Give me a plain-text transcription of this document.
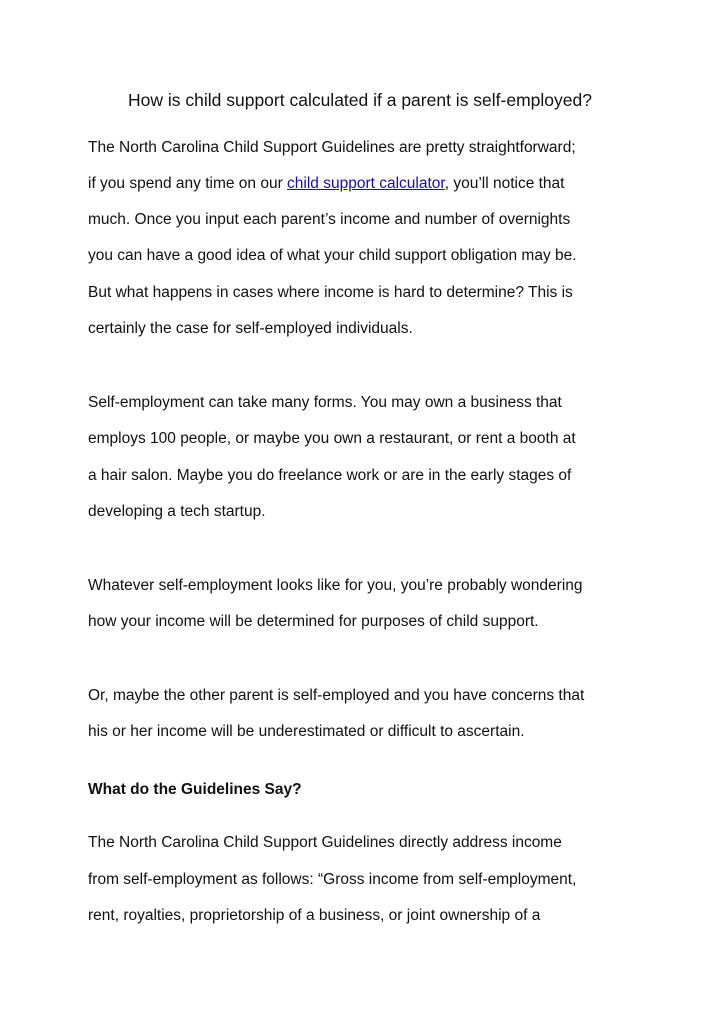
How is child support calculated if a parent is self-employed?

The North Carolina Child Support Guidelines are pretty straightforward;

if you spend any time on our child support calculator, you’ll notice that

much. Once you input each parent’s income and number of overnights

you can have a good idea of what your child support obligation may be.

But what happens in cases where income is hard to determine? This is

certainly the case for self-employed individuals.

Self-employment can take many forms. You may own a business that

employs 100 people, or maybe you own a restaurant, or rent a booth at

a hair salon. Maybe you do freelance work or are in the early stages of

developing a tech startup.

Whatever self-employment looks like for you, you’re probably wondering

how your income will be determined for purposes of child support.

Or, maybe the other parent is self-employed and you have concerns that

his or her income will be underestimated or difficult to ascertain.

What do the Guidelines Say?

The North Carolina Child Support Guidelines directly address income

from self-employment as follows: “Gross income from self-employment,

rent, royalties, proprietorship of a business, or joint ownership of a
